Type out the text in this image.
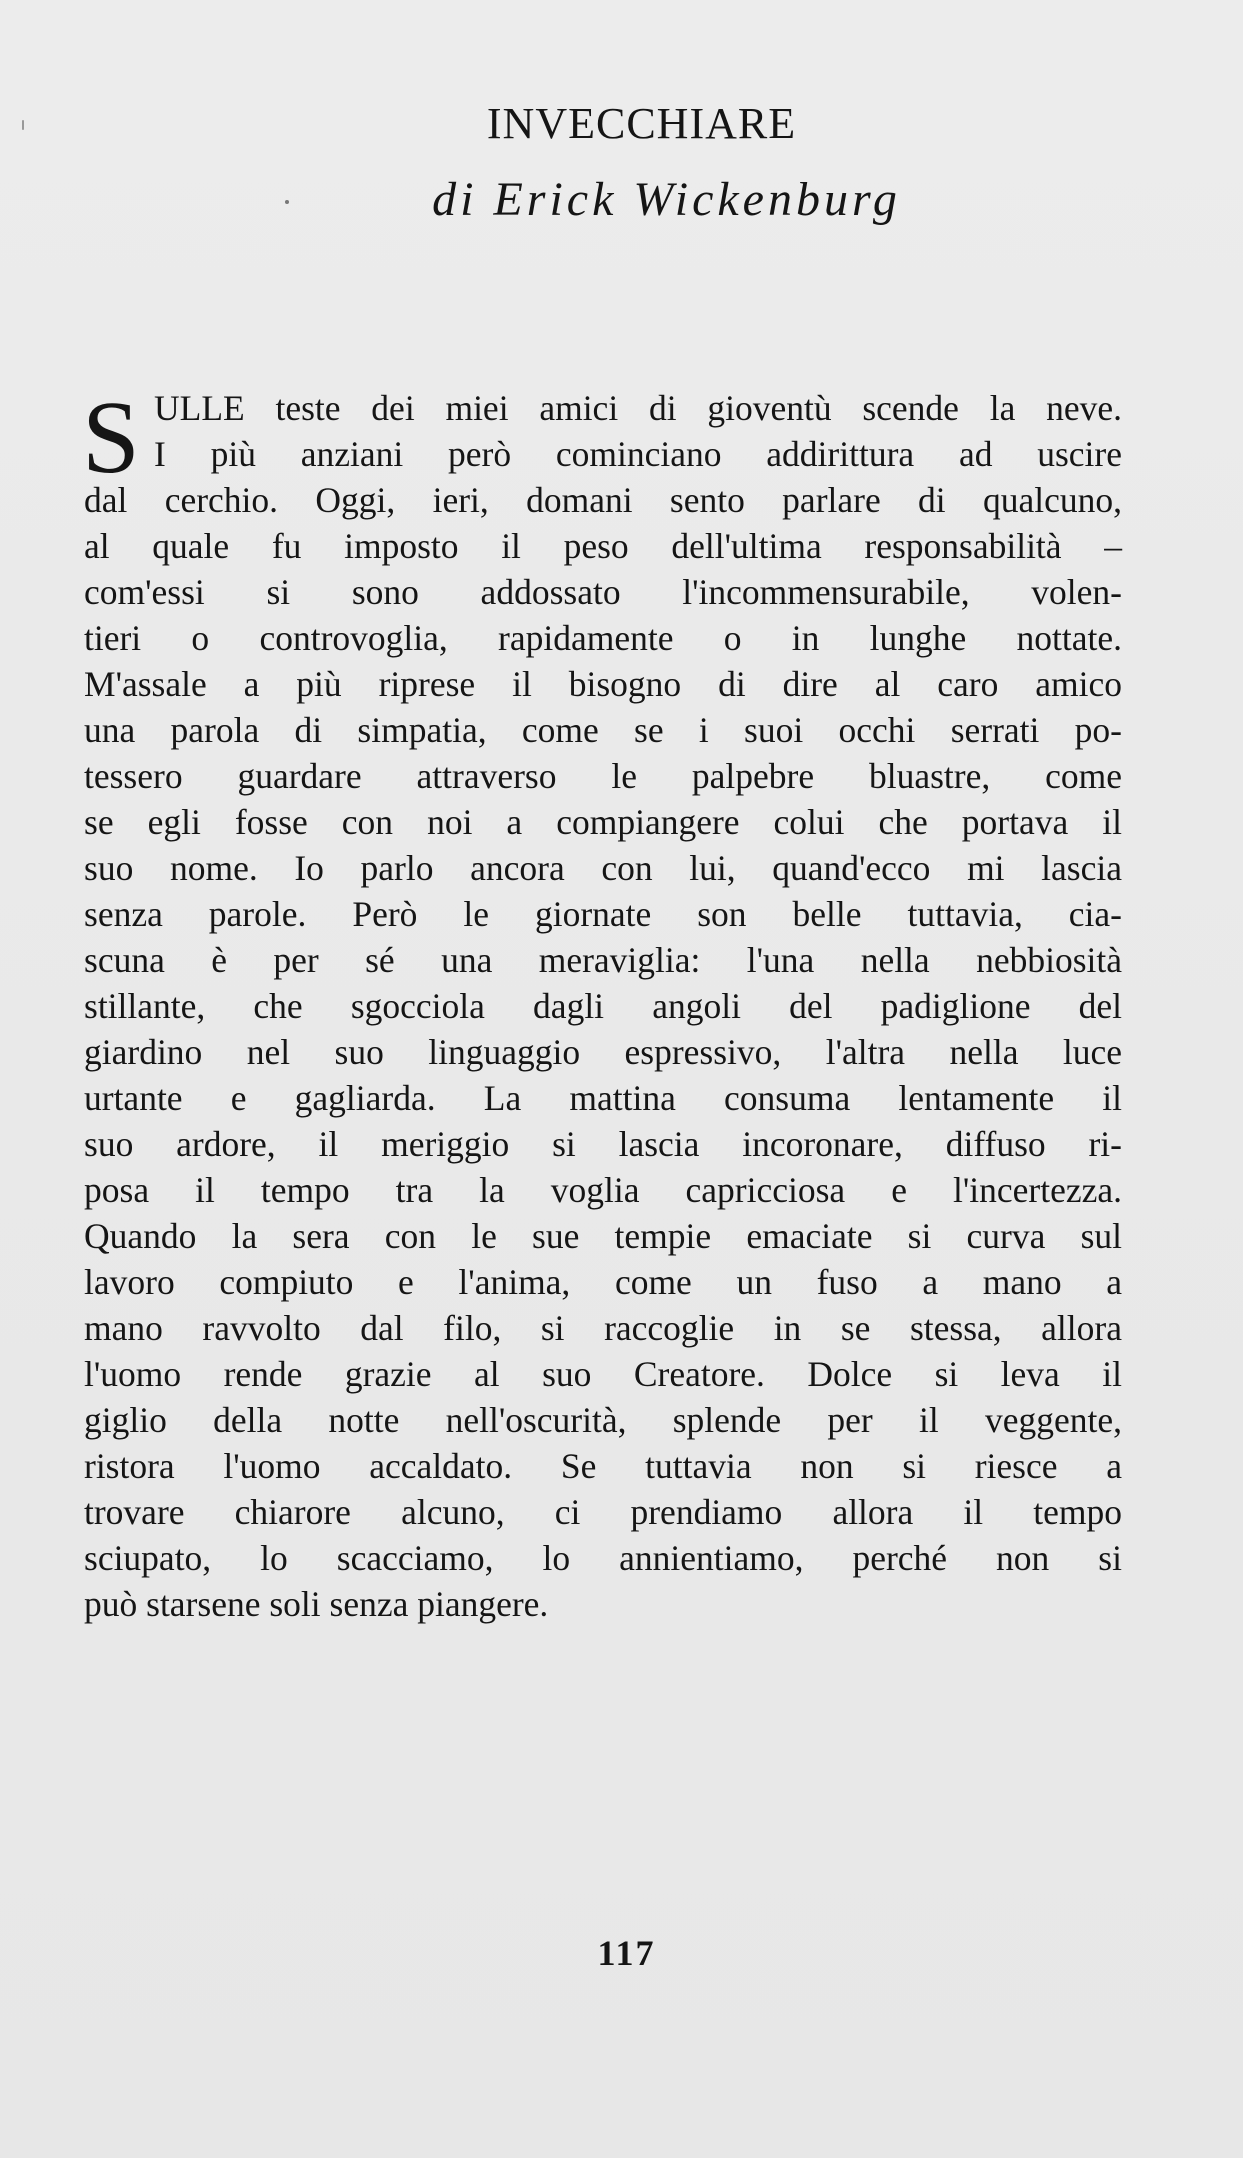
INVECCHIARE
di Erick Wickenburg
S ULLE teste dei miei amici di gioventù scende la neve.
I più anziani però cominciano addirittura ad uscire
dal cerchio. Oggi, ieri, domani sento parlare di qualcuno,
al quale fu imposto il peso dell'ultima responsabilità –
com'essi si sono addossato l'incommensurabile, volen-
tieri o controvoglia, rapidamente o in lunghe nottate.
M'assale a più riprese il bisogno di dire al caro amico
una parola di simpatia, come se i suoi occhi serrati po-
tessero guardare attraverso le palpebre bluastre, come
se egli fosse con noi a compiangere colui che portava il
suo nome. Io parlo ancora con lui, quand'ecco mi lascia
senza parole. Però le giornate son belle tuttavia, cia-
scuna è per sé una meraviglia: l'una nella nebbiosità
stillante, che sgocciola dagli angoli del padiglione del
giardino nel suo linguaggio espressivo, l'altra nella luce
urtante e gagliarda. La mattina consuma lentamente il
suo ardore, il meriggio si lascia incoronare, diffuso ri-
posa il tempo tra la voglia capricciosa e l'incertezza.
Quando la sera con le sue tempie emaciate si curva sul
lavoro compiuto e l'anima, come un fuso a mano a
mano ravvolto dal filo, si raccoglie in se stessa, allora
l'uomo rende grazie al suo Creatore. Dolce si leva il
giglio della notte nell'oscurità, splende per il veggente,
ristora l'uomo accaldato. Se tuttavia non si riesce a
trovare chiarore alcuno, ci prendiamo allora il tempo
sciupato, lo scacciamo, lo annientiamo, perché non si
può starsene soli senza piangere.
117
